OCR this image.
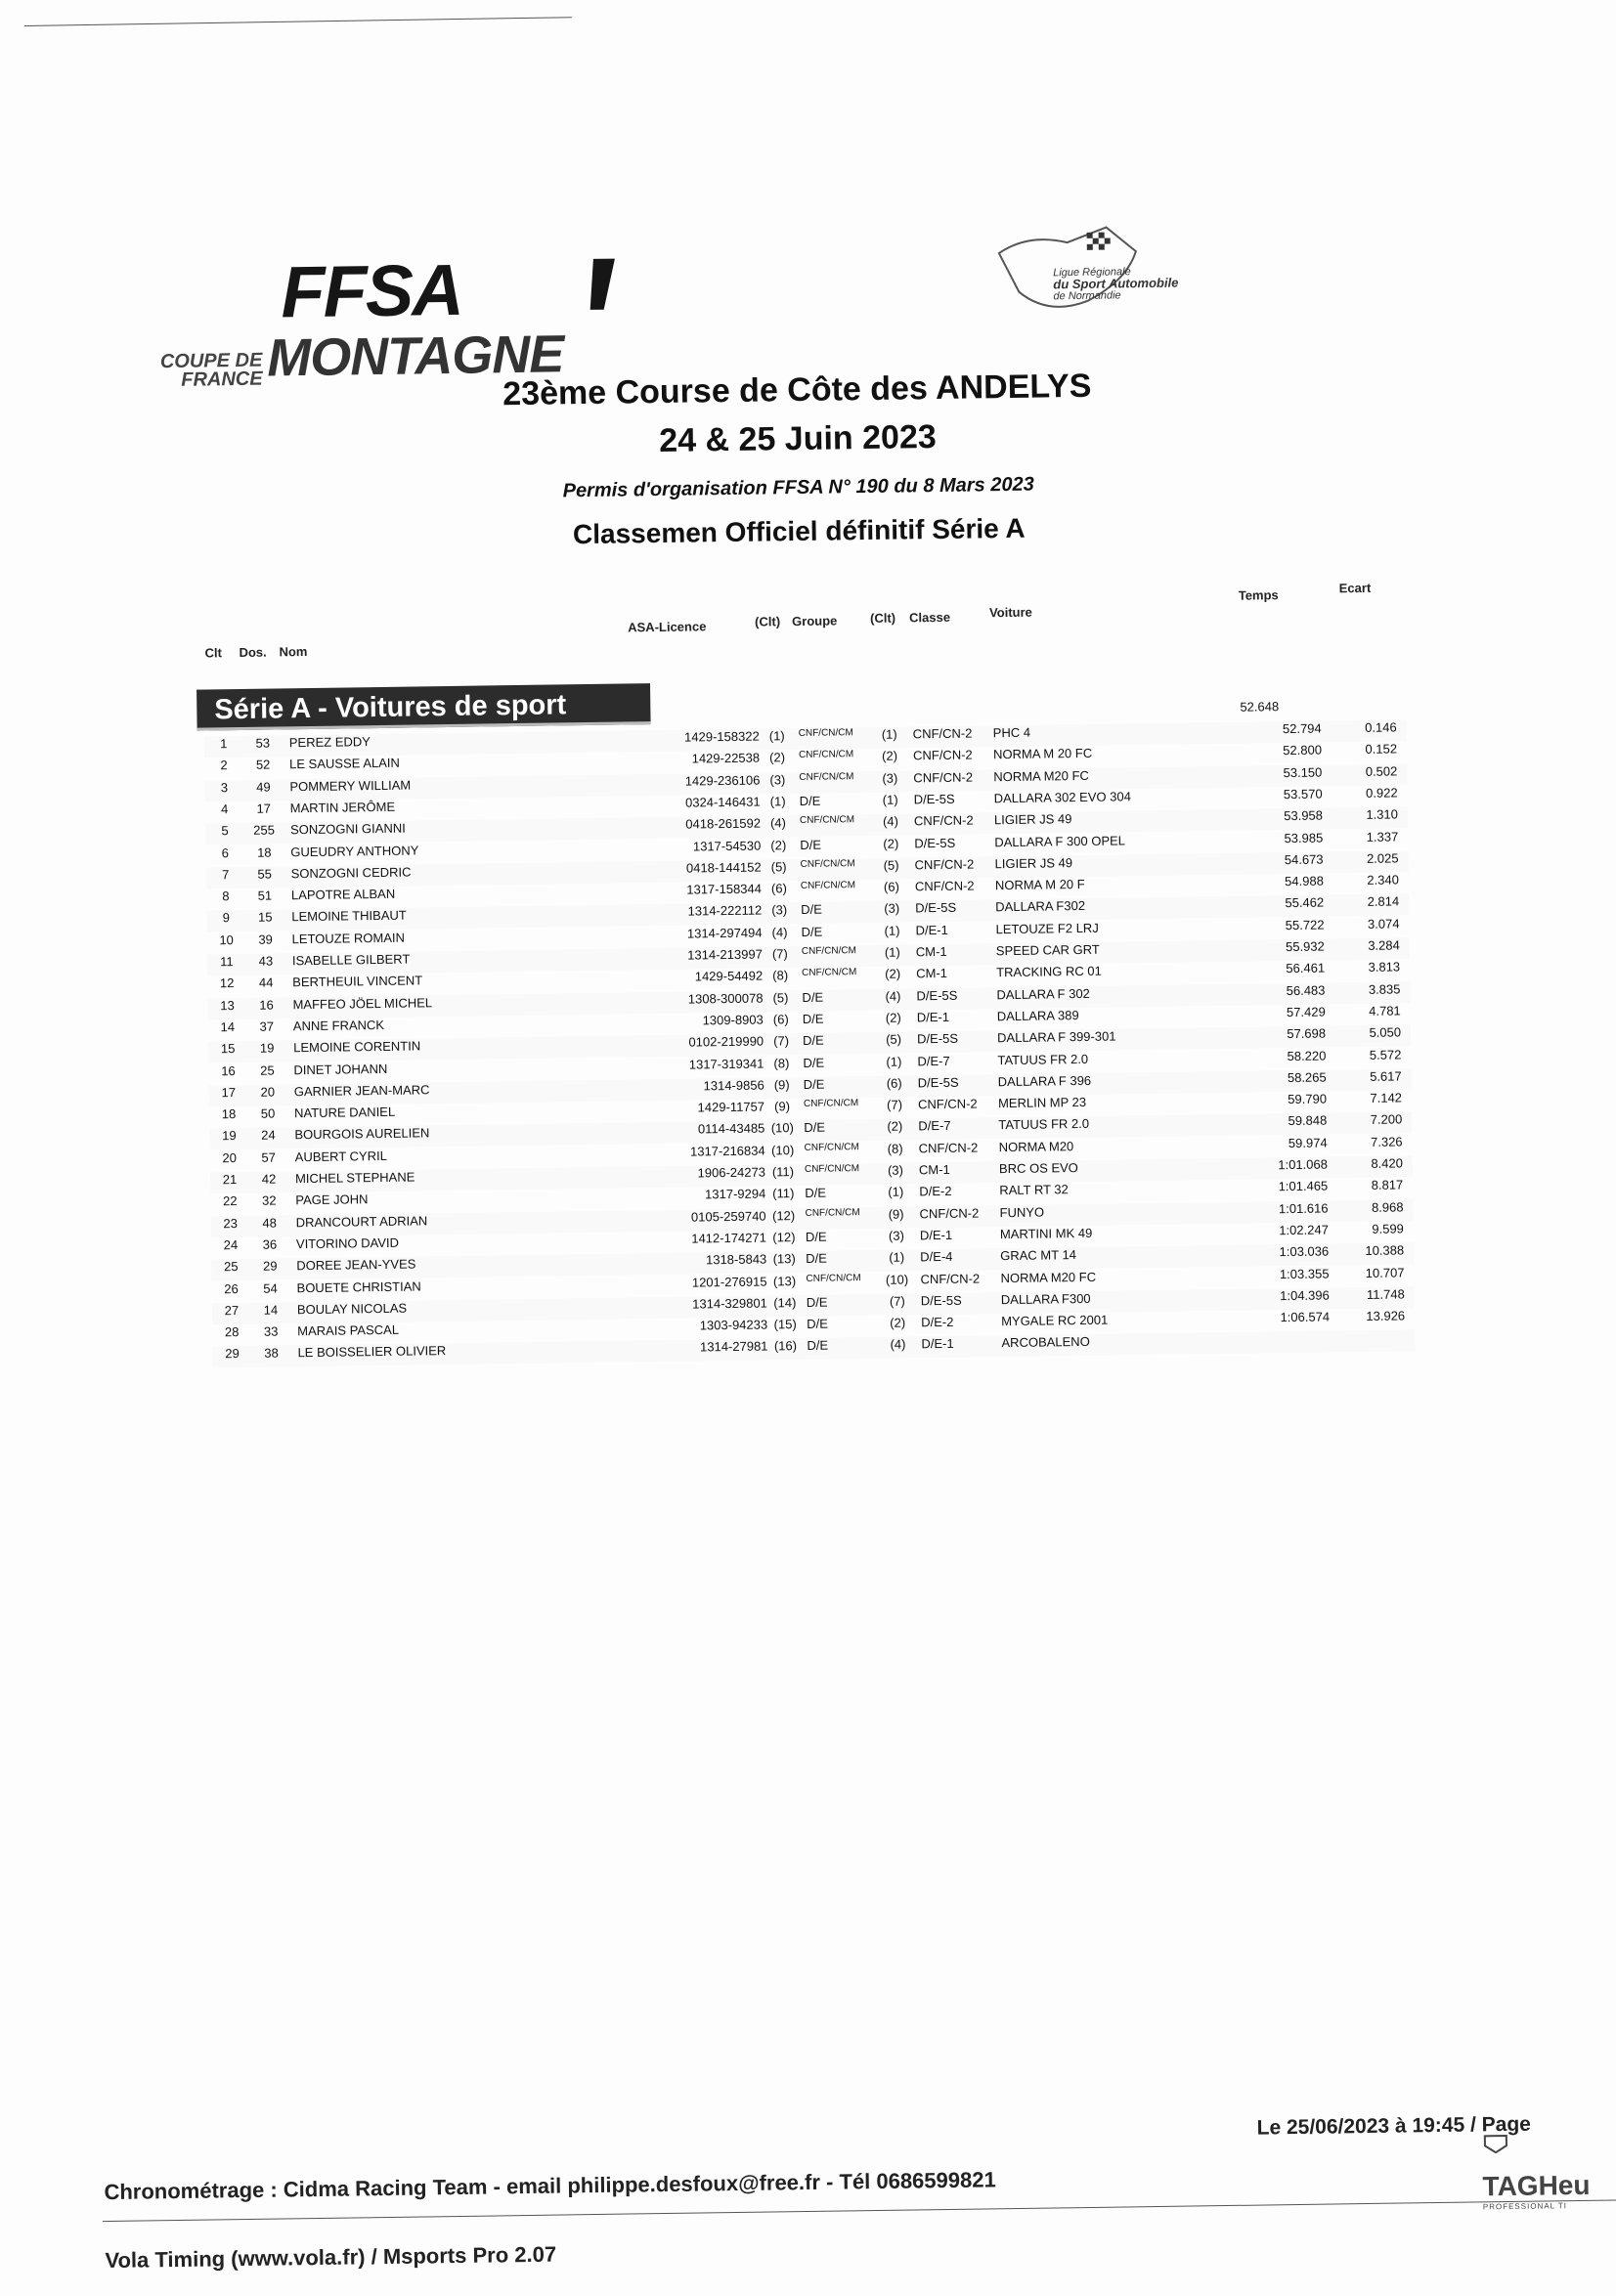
FFSA
COUPE DE
FRANCE MONTAGNE
Ligue Régionale
du Sport Automobile
de Normandie
23ème Course de Côte des ANDELYS
24 & 25 Juin 2023
Permis d'organisation FFSA N° 190 du 8 Mars 2023
Classemen Officiel définitif Série A
Clt Dos. Nom
ASA-Licence	(Clt) Groupe	(Clt) Classe	Voiture
Temps	Ecart
Série A - Voitures de sport	52.648
1	53	PEREZ EDDY	1429-158322 (1)	CNF/CN/CM	(1)	CNF/CN-2 PHC 4	52.794	0.146
2	52	LE SAUSSE ALAIN	1429-22538 (2)	CNF/CN/CM	(2)	CNF/CN-2 NORMA M 20 FC	52.800	0.152
3	49	POMMERY WILLIAM	1429-236106 (3)	CNF/CN/CM	(3)	CNF/CN-2 NORMA M20 FC	53.150	0.502
4	17	MARTIN JERÔME	0324-146431 (1)	D/E	(1)	D/E-5S	DALLARA 302 EVO 304	53.570	0.922
5	255	SONZOGNI GIANNI	0418-261592 (4)	CNF/CN/CM	(4)	CNF/CN-2 LIGIER JS 49	53.958	1.310
6	18	GUEUDRY ANTHONY	1317-54530 (2)	D/E	(2)	D/E-5S	DALLARA F 300 OPEL	53.985	1.337
7	55	SONZOGNI CEDRIC	0418-144152 (5)	CNF/CN/CM	(5)	CNF/CN-2 LIGIER JS 49	54.673	2.025
8	51	LAPOTRE ALBAN	1317-158344 (6)	CNF/CN/CM	(6)	CNF/CN-2 NORMA M 20 F	54.988	2.340
9	15	LEMOINE THIBAUT	1314-222112 (3)	D/E	(3)	D/E-5S	DALLARA F302	55.462	2.814
10	39	LETOUZE ROMAIN	1314-297494 (4)	D/E	(1)	D/E-1	LETOUZE F2 LRJ	55.722	3.074
11	43	ISABELLE GILBERT	1314-213997 (7)	CNF/CN/CM	(1)	CM-1	SPEED CAR GRT	55.932	3.284
12	44	BERTHEUIL VINCENT	1429-54492 (8)	CNF/CN/CM	(2)	CM-1	TRACKING RC 01	56.461	3.813
13	16	MAFFEO JÖEL MICHEL	1308-300078 (5)	D/E	(4)	D/E-5S	DALLARA F 302	56.483	3.835
14	37	ANNE FRANCK	1309-8903 (6)	D/E	(2)	D/E-1	DALLARA 389	57.429	4.781
15	19	LEMOINE CORENTIN	0102-219990 (7)	D/E	(5)	D/E-5S	DALLARA F 399-301	57.698	5.050
16	25	DINET JOHANN	1317-319341 (8)	D/E	(1)	D/E-7	TATUUS FR 2.0	58.220	5.572
17	20	GARNIER JEAN-MARC	1314-9856 (9)	D/E	(6)	D/E-5S	DALLARA F 396	58.265	5.617
18	50	NATURE DANIEL	1429-11757 (9)	CNF/CN/CM	(7)	CNF/CN-2 MERLIN MP 23	59.790	7.142
19	24	BOURGOIS AURELIEN	0114-43485 (10) D/E	(2)	D/E-7	TATUUS FR 2.0	59.848	7.200
20	57	AUBERT CYRIL	1317-216834 (10)	CNF/CN/CM	(8)	CNF/CN-2 NORMA M20	59.974	7.326
21	42	MICHEL STEPHANE	1906-24273 (11)	CNF/CN/CM	(3)	CM-1	BRC OS EVO	1:01.068	8.420
22	32	PAGE JOHN	1317-9294 (11) D/E	(1)	D/E-2	RALT RT 32	1:01.465	8.817
23	48	DRANCOURT ADRIAN	0105-259740 (12)	CNF/CN/CM	(9)	CNF/CN-2 FUNYO	1:01.616	8.968
24	36	VITORINO DAVID	1412-174271 (12) D/E	(3)	D/E-1	MARTINI MK 49	1:02.247	9.599
25	29	DOREE JEAN-YVES	1318-5843 (13) D/E	(1)	D/E-4	GRAC MT 14	1:03.036	10.388
26	54	BOUETE CHRISTIAN	1201-276915 (13)	CNF/CN/CM	(10) CNF/CN-2 NORMA M20 FC	1:03.355	10.707
27	14	BOULAY NICOLAS	1314-329801 (14) D/E	(7)	D/E-5S	DALLARA F300	1:04.396	11.748
28	33	MARAIS PASCAL	1303-94233 (15) D/E	(2)	D/E-2	MYGALE RC 2001	1:06.574	13.926
29	38	LE BOISSELIER OLIVIER	1314-27981 (16) D/E	(4)	D/E-1	ARCOBALENO
Le 25/06/2023 à 19:45 / Page
Chronométrage : Cidma Racing Team - email philippe.desfoux@free.fr - Tél 0686599821
Vola Timing (www.vola.fr) / Msports Pro 2.07
TAGHeu
PROFESSIONAL TI
